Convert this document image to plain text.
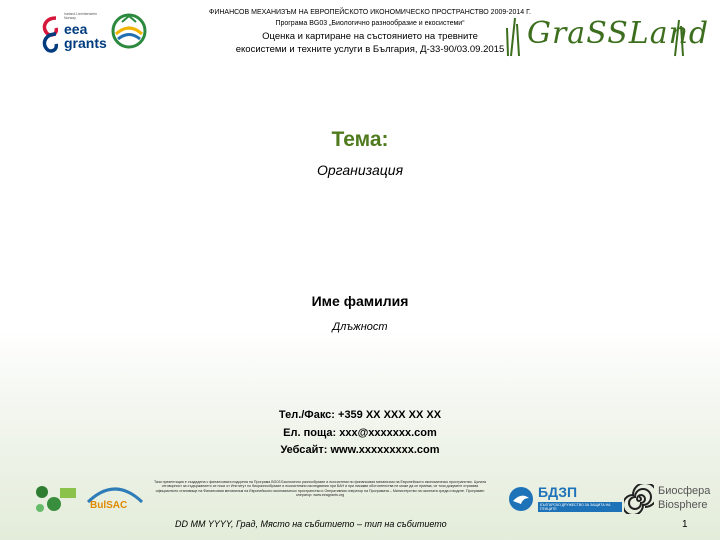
ФИНАНСОВ МЕХАНИЗЪМ НА ЕВРОПЕЙСКОТО ИКОНОМИЧЕСКО ПРОСТРАНСТВО 2009-2014 Г.
Програма BG03 „Биологично разнообразие и екосистеми“
Оценка и картиране на състоянието на тревните
екосистеми и техните услуги в България, Д-33-90/03.09.2015
Iceland Liechtenstein Norway
eea
grants	GraSSLand
Тема:
Организация
Име фамилия
Длъжност
Тел./Факс: +359 XX XXX XX XX
Ел. поща: xxx@xxxxxxx.com
Уебсайт: www.xxxxxxxxx.com
BulSAC
Тази презентация е създадена с финансовата подкрепа на Програма BG03 Биологично разнообразие и екосистеми по финансовия механизъм на Европейското икономическо пространство. Цялата отговорност за съдържанието се носи от Институт по биоразнообразие и екосистемни изследвания при БАН и при никакви обстоятелства не може да се приема, че този документ отразява официалното становище на Финансовия механизъм на Европейското икономическо пространство и Оперативния оператор на Програмата – Министерство на околната среда и водите. Програмен оператор: www.eeagrants.org	БДЗП
БЪЛГАРСКО ДРУЖЕСТВО ЗА ЗАЩИТА НА ПТИЦИТЕ
Биосфера
Biosphere
DD MM YYYY, Град, Място на събитието – тип на събитието	1
